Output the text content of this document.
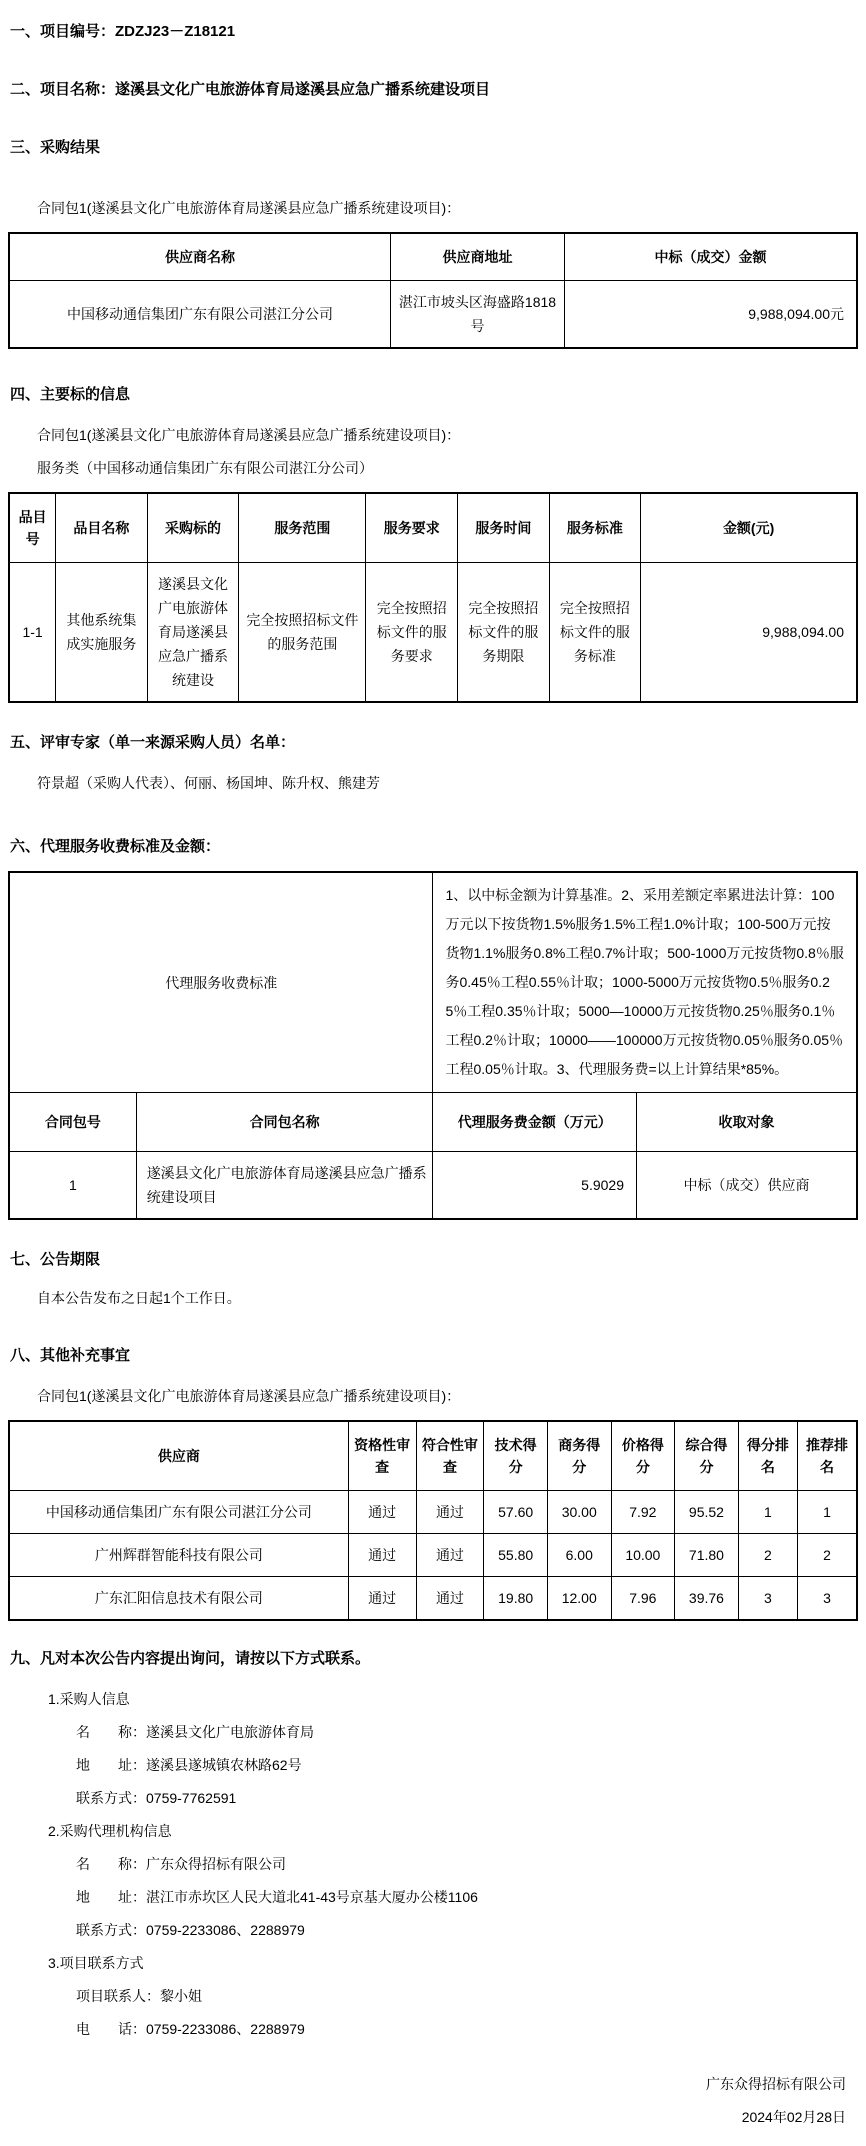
一、项目编号：ZDZJ23－Z18121
二、项目名称：遂溪县文化广电旅游体育局遂溪县应急广播系统建设项目
三、采购结果
合同包1(遂溪县文化广电旅游体育局遂溪县应急广播系统建设项目)：
供应商名称	供应商地址	中标（成交）金额
中国移动通信集团广东有限公司湛江分公司	湛江市坡头区海盛路1818号	9,988,094.00元
四、主要标的信息
合同包1(遂溪县文化广电旅游体育局遂溪县应急广播系统建设项目)：
服务类（中国移动通信集团广东有限公司湛江分公司）
品目号	品目名称	采购标的	服务范围	服务要求	服务时间	服务标准	金额(元)
1-1	其他系统集成实施服务	遂溪县文化广电旅游体育局遂溪县应急广播系统建设	完全按照招标文件的服务范围	完全按照招标文件的服务要求	完全按照招标文件的服务期限	完全按照招标文件的服务标准	9,988,094.00
五、评审专家（单一来源采购人员）名单：
符景超（采购人代表）、何丽、杨国坤、陈升权、熊建芳
六、代理服务收费标准及金额：
代理服务收费标准		1、以中标金额为计算基准。2、采用差额定率累进法计算：100万元以下按货物1.5%服务1.5%工程1.0%计取；100-500万元按货物1.1%服务0.8%工程0.7%计取；500-1000万元按货物0.8％服务0.45％工程0.55％计取；1000-5000万元按货物0.5％服务0.25％工程0.35％计取；5000—10000万元按货物0.25％服务0.1％工程0.2％计取；10000——100000万元按货物0.05％服务0.05％工程0.05％计取。3、代理服务费=以上计算结果*85%。	
合同包号	合同包名称	代理服务费金额（万元）	收取对象
1	遂溪县文化广电旅游体育局遂溪县应急广播系统建设项目	5.9029	中标（成交）供应商
七、公告期限
自本公告发布之日起1个工作日。
八、其他补充事宜
合同包1(遂溪县文化广电旅游体育局遂溪县应急广播系统建设项目)：
供应商	资格性审查	符合性审查	技术得分	商务得分	价格得分	综合得分	得分排名	推荐排名
中国移动通信集团广东有限公司湛江分公司	通过	通过	57.60	30.00	7.92	95.52	1	1
广州辉群智能科技有限公司	通过	通过	55.80	6.00	10.00	71.80	2	2
广东汇阳信息技术有限公司	通过	通过	19.80	12.00	7.96	39.76	3	3
九、凡对本次公告内容提出询问，请按以下方式联系。
1.采购人信息
名　　称：遂溪县文化广电旅游体育局
地　　址：遂溪县遂城镇农林路62号
联系方式：0759-7762591
2.采购代理机构信息
名　　称：广东众得招标有限公司
地　　址：湛江市赤坎区人民大道北41-43号京基大厦办公楼1106
联系方式：0759-2233086、2288979
3.项目联系方式
项目联系人：黎小姐
电　　话：0759-2233086、2288979
广东众得招标有限公司
2024年02月28日
